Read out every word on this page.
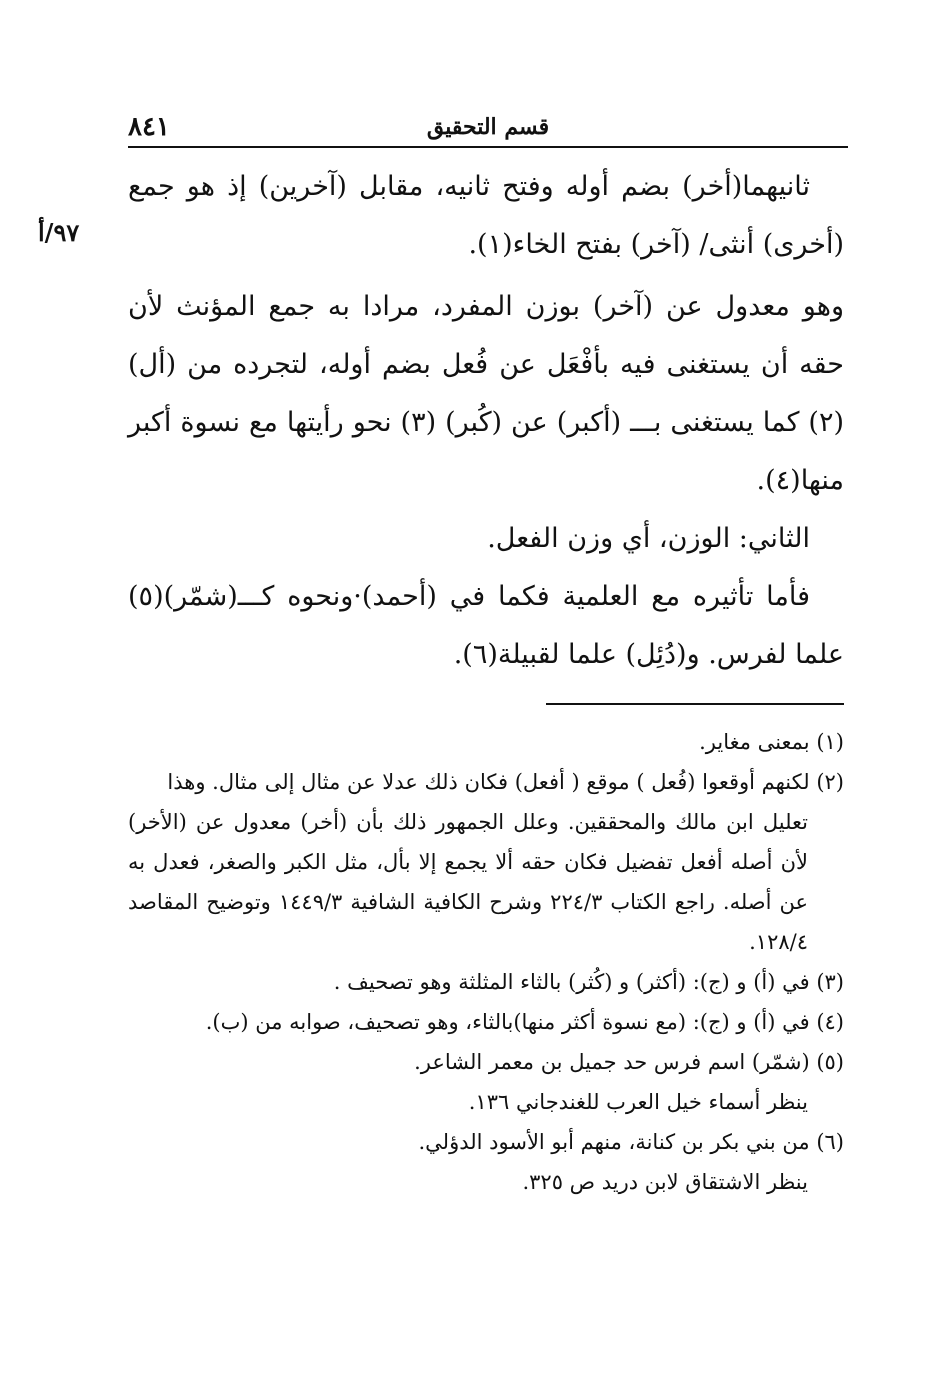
٨٤١	قسم التحقيق
٩٧/أ

ثانيهما(أخر) بضم أوله وفتح ثانيه، مقابل (آخرين) إذ هو جمع (أخرى) أنثى/ (آخر) بفتح الخاء(١).

وهو معدول عن (آخر) بوزن المفرد، مرادا به جمع المؤنث لأن حقه أن يستغنى فيه بأفْعَل عن فُعل بضم أوله، لتجرده من (أل) (٢) كما يستغنى بـــ (أكبر) عن (كُبر) (٣) نحو رأيتها مع نسوة أكبر منها(٤).

الثاني: الوزن، أي وزن الفعل.

فأما تأثيره مع العلمية فكما في (أحمد)·ونحوه كـــ(شمّر)(٥) علما لفرس. و(دُئِل) علما لقبيلة(٦).

(١) بمعنى مغاير.

(٢) لكنهم أوقعوا (فُعل ) موقع ( أفعل) فكان ذلك عدلا عن مثال إلى مثال. وهذا

تعليل ابن مالك والمحققين. وعلل الجمهور ذلك بأن (أخر) معدول عن (الأخر) لأن أصله أفعل تفضيل فكان حقه ألا يجمع إلا بأل، مثل الكبر والصغر، فعدل به عن أصله. راجع الكتاب ٢٢٤/٣ وشرح الكافية الشافية ١٤٤٩/٣ وتوضيح المقاصد ١٢٨/٤.

(٣) في (أ) و (ج): (أكثر) و (كُثر) بالثاء المثلثة وهو تصحيف .

(٤) في (أ) و (ج): (مع نسوة أكثر منها)بالثاء، وهو تصحيف، صوابه من (ب).

(٥) (شمّر) اسم فرس حد جميل بن معمر الشاعر.

ينظر أسماء خيل العرب للغندجاني ١٣٦.

(٦) من بني بكر بن كنانة، منهم أبو الأسود الدؤلي.

ينظر الاشتقاق لابن دريد ص ٣٢٥.
